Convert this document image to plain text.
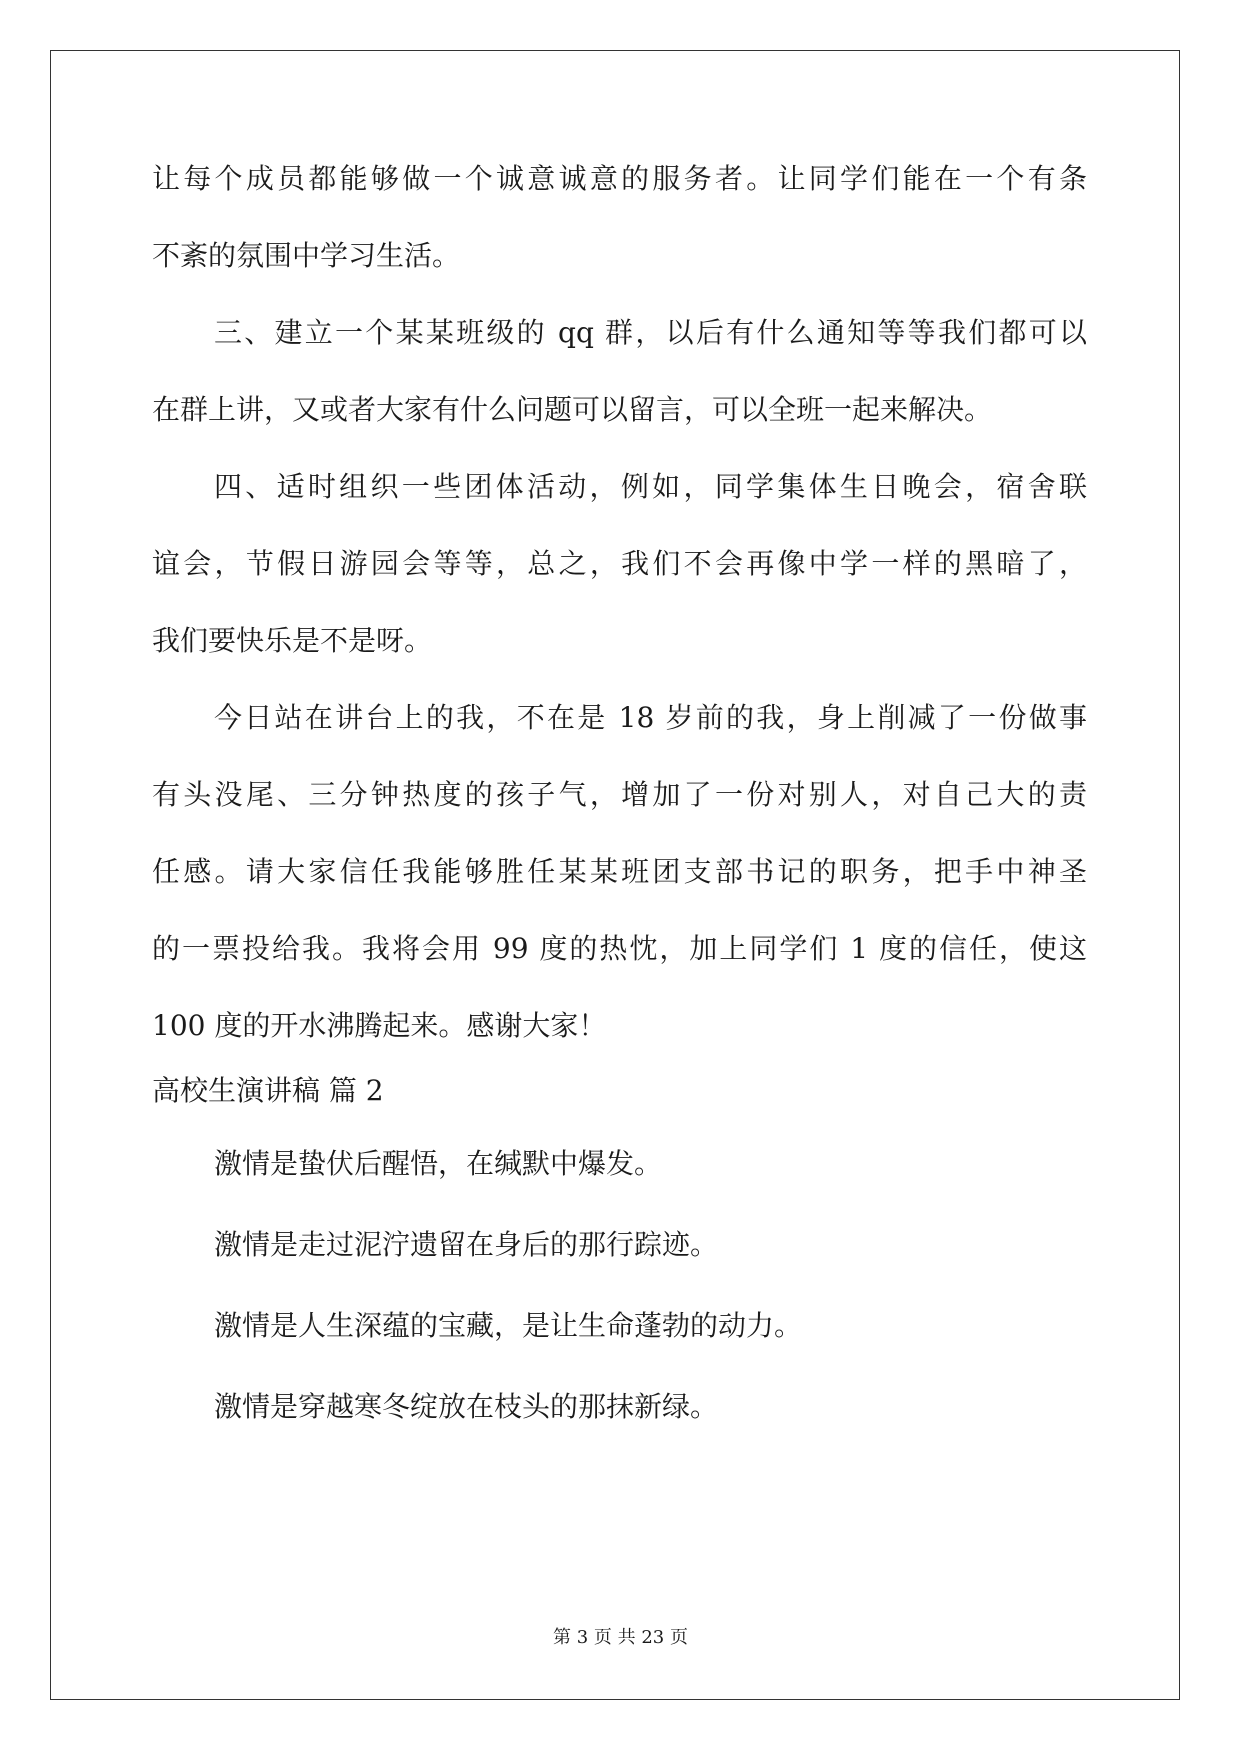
让每个成员都能够做一个诚意诚意的服务者。让同学们能在一个有条
不紊的氛围中学习生活。
三、建立一个某某班级的 qq 群，以后有什么通知等等我们都可以
在群上讲，又或者大家有什么问题可以留言，可以全班一起来解决。
四、适时组织一些团体活动，例如，同学集体生日晚会，宿舍联
谊会，节假日游园会等等，总之，我们不会再像中学一样的黑暗了，
我们要快乐是不是呀。
今日站在讲台上的我，不在是 18 岁前的我，身上削减了一份做事
有头没尾、三分钟热度的孩子气，增加了一份对别人，对自己大的责
任感。请大家信任我能够胜任某某班团支部书记的职务，把手中神圣
的一票投给我。我将会用 99 度的热忱，加上同学们 1 度的信任，使这
100 度的开水沸腾起来。感谢大家！
高校生演讲稿 篇 2
激情是蛰伏后醒悟，在缄默中爆发。
激情是走过泥泞遗留在身后的那行踪迹。
激情是人生深蕴的宝藏，是让生命蓬勃的动力。
激情是穿越寒冬绽放在枝头的那抹新绿。
第 3 页 共 23 页
